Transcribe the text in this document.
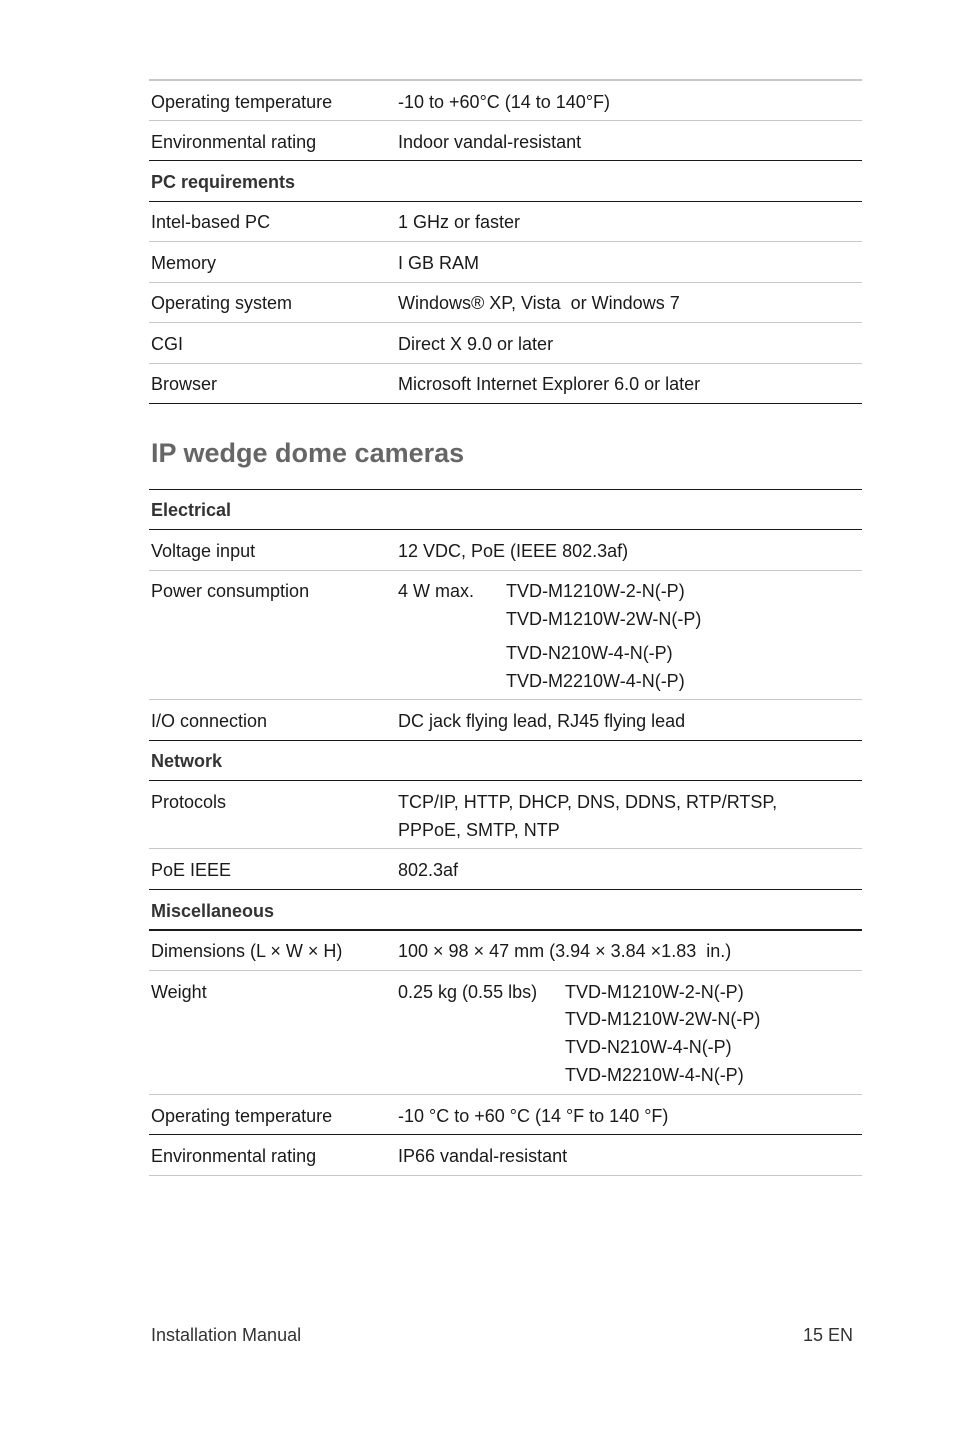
Operating temperature	-10 to +60°C (14 to 140°F)
Environmental rating	Indoor vandal-resistant
PC requirements
Intel-based PC	1 GHz or faster
Memory	I GB RAM
Operating system	Windows® XP, Vista  or Windows 7
CGI	Direct X 9.0 or later
Browser	Microsoft Internet Explorer 6.0 or later
IP wedge dome cameras
Electrical
Voltage input	12 VDC, PoE (IEEE 802.3af)
Power consumption	4 W max. TVD-M1210W-2-N(-P)
TVD-M1210W-2W-N(-P)
TVD-N210W-4-N(-P)
TVD-M2210W-4-N(-P)
I/O connection	DC jack flying lead, RJ45 flying lead
Network
Protocols	TCP/IP, HTTP, DHCP, DNS, DDNS, RTP/RTSP,
PPPoE, SMTP, NTP
PoE IEEE	802.3af
Miscellaneous
Dimensions (L × W × H)	100 × 98 × 47 mm (3.94 × 3.84 ×1.83  in.)
Weight	0.25 kg (0.55 lbs) TVD-M1210W-2-N(-P)
TVD-M1210W-2W-N(-P)
TVD-N210W-4-N(-P)
TVD-M2210W-4-N(-P)
Operating temperature	-10 °C to +60 °C (14 °F to 140 °F)
Environmental rating	IP66 vandal-resistant
Installation Manual	15 EN
